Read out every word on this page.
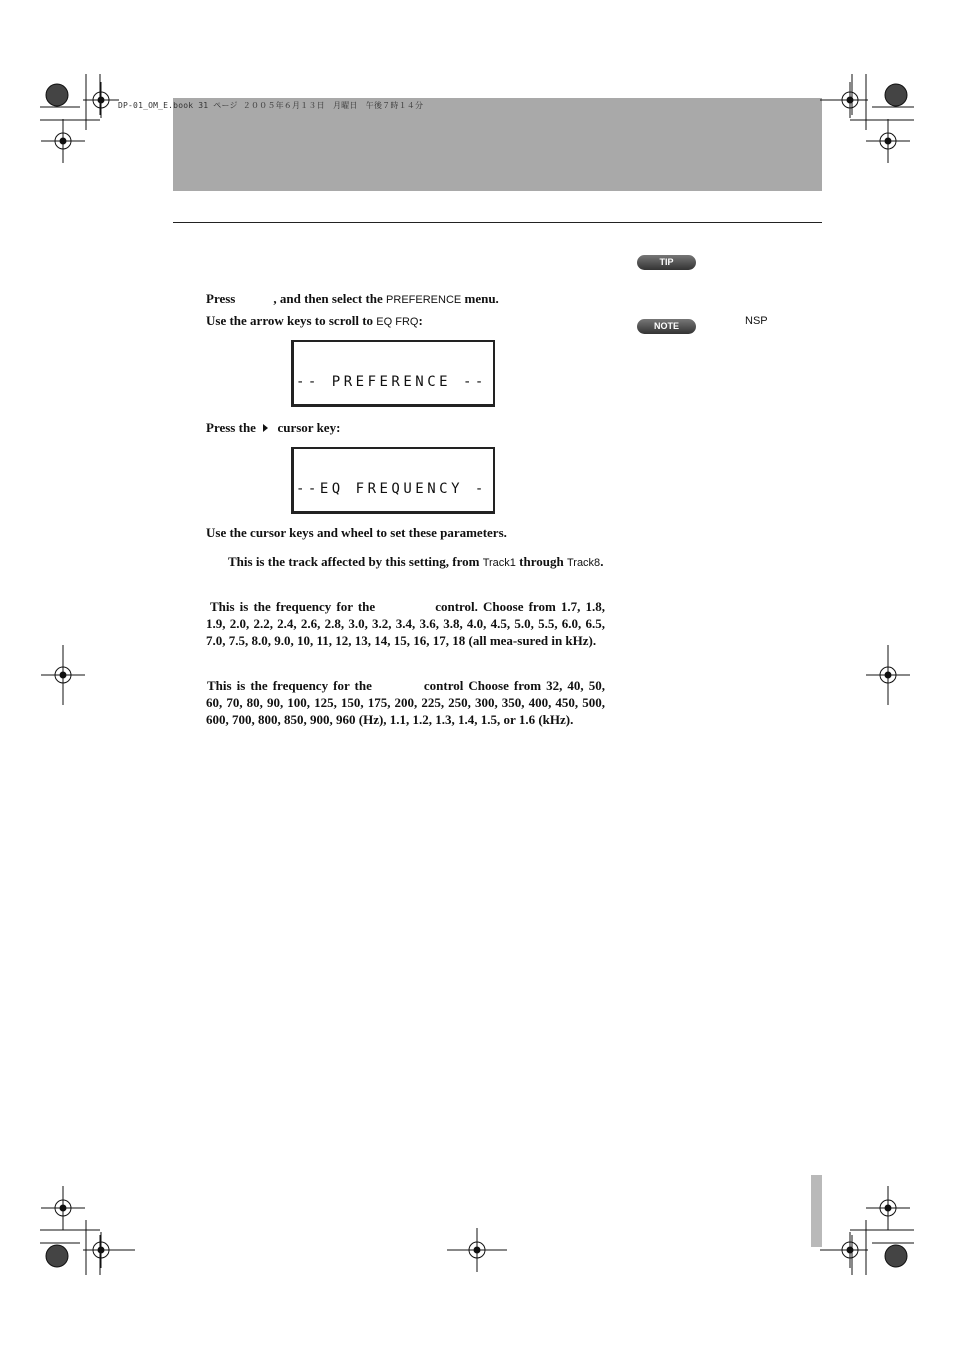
DP-01_OM_E.book 31 ページ ２００５年６月１３日　月曜日　午後７時１４分
TIP
NOTE	NSP
Press	, and then select the PREFERENCE menu.
Use the arrow keys to scroll to EQ FRQ:

-- PREFERENCE --

Press the cursor key:

--EQ FREQUENCY -

Use the cursor keys and wheel to set these parameters.
This is the track affected by this setting, from Track1 through Track8.
This is the frequency for the	control. Choose from 1.7, 1.8, 1.9, 2.0, 2.2, 2.4, 2.6, 2.8, 3.0, 3.2, 3.4, 3.6, 3.8, 4.0, 4.5, 5.0, 5.5, 6.0, 6.5, 7.0, 7.5, 8.0, 9.0, 10, 11, 12, 13, 14, 15, 16, 17, 18 (all mea-sured in kHz).
This is the frequency for the	control Choose from 32, 40, 50, 60, 70, 80, 90, 100, 125, 150, 175, 200, 225, 250, 300, 350, 400, 450, 500, 600, 700, 800, 850, 900, 960 (Hz), 1.1, 1.2, 1.3, 1.4, 1.5, or 1.6 (kHz).
